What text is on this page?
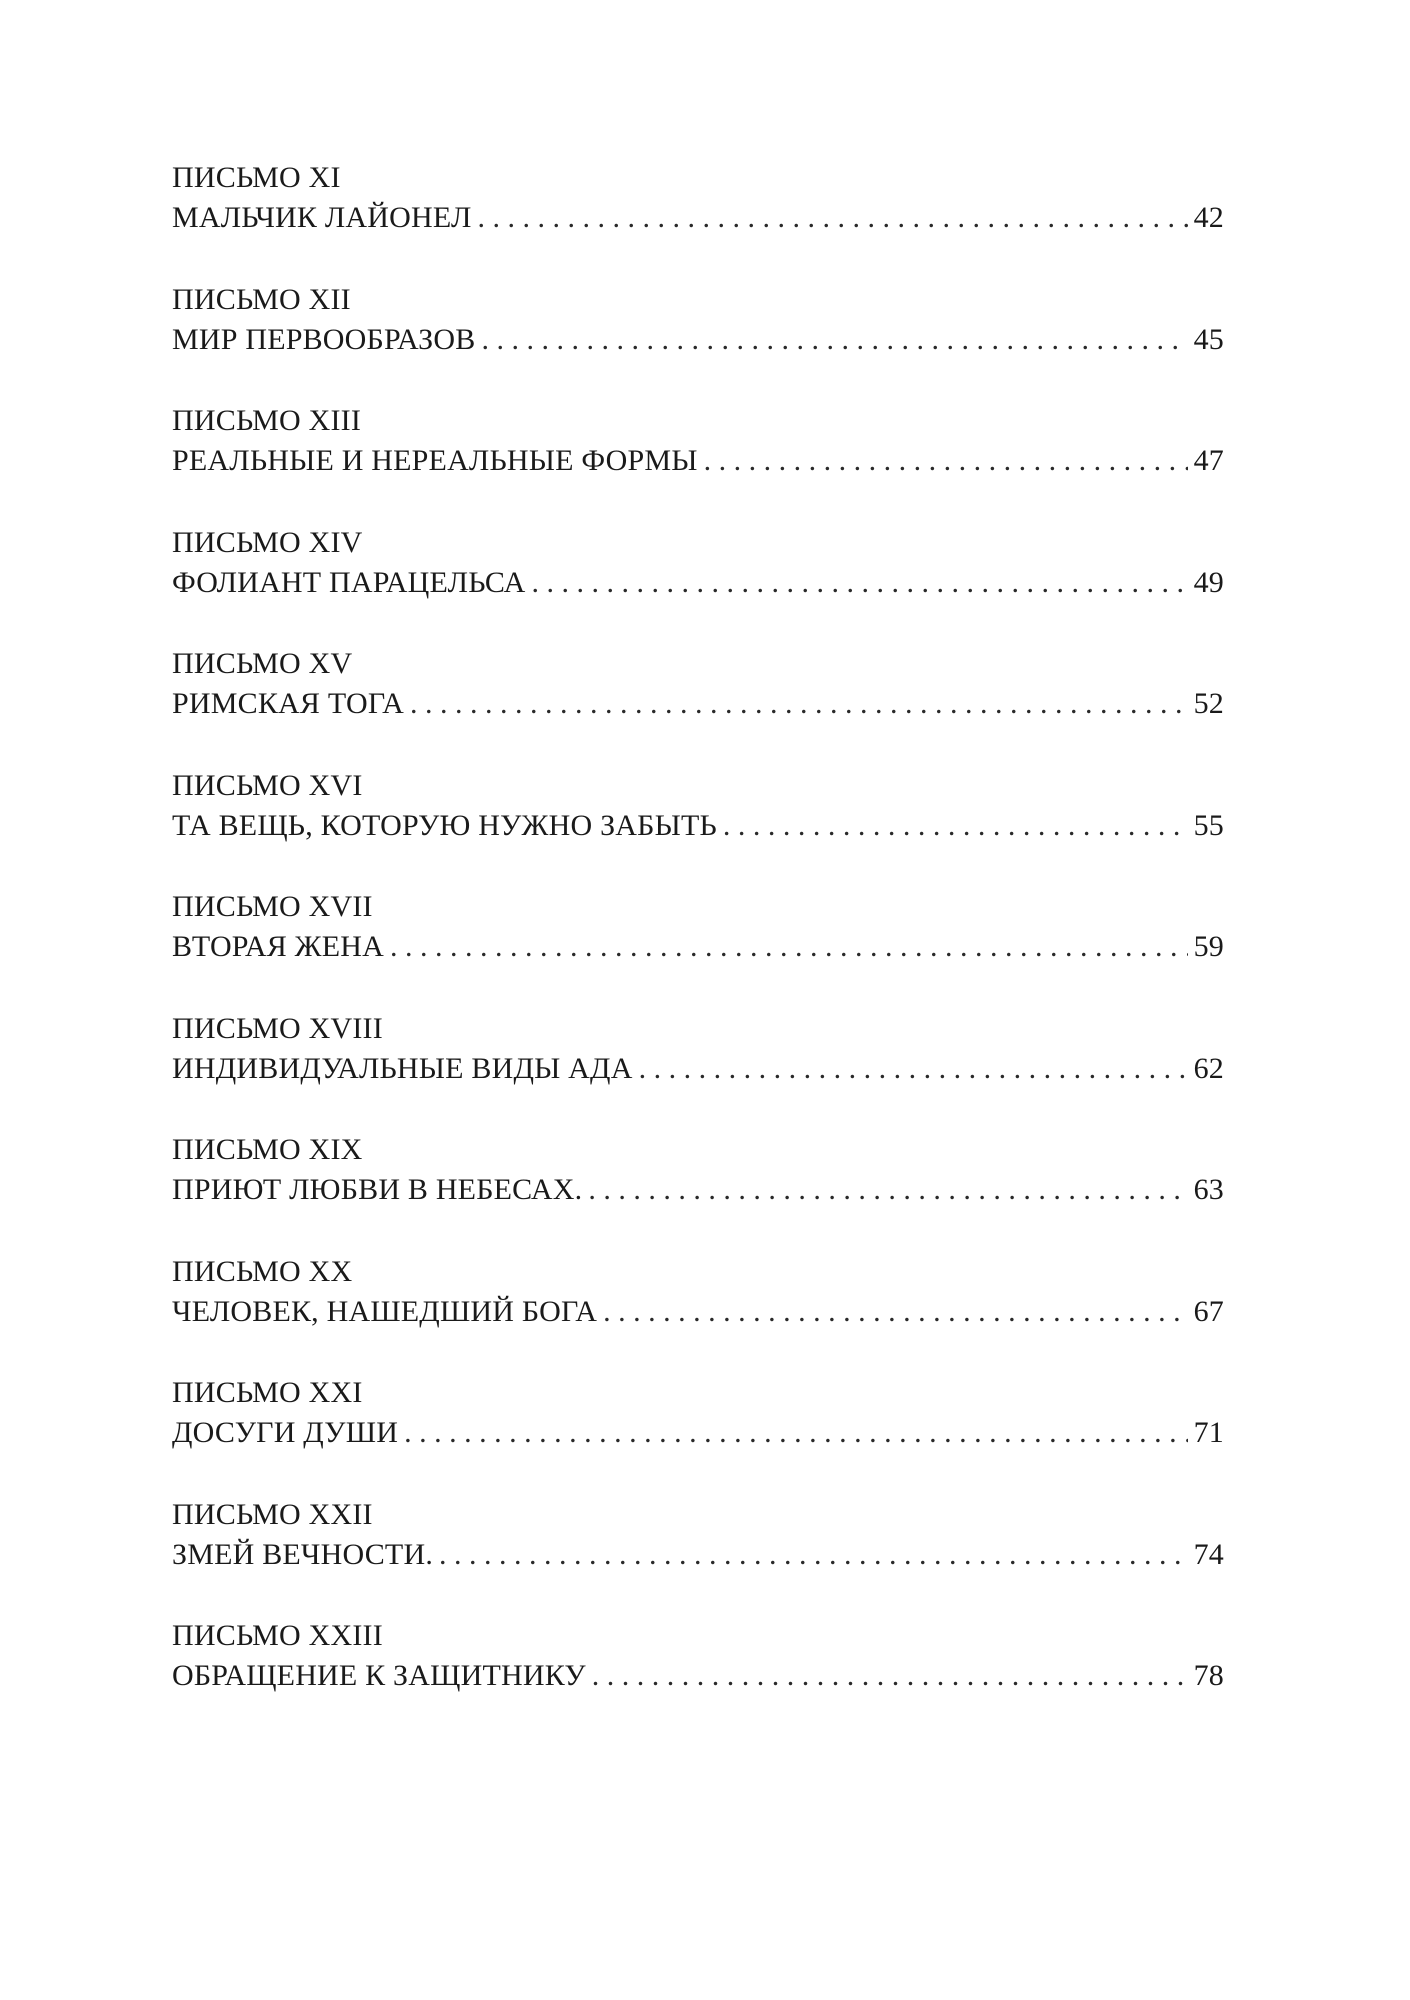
ПИСЬМО XI
МАЛЬЧИК ЛАЙОНЕЛ . . .	42
ПИСЬМО XII
МИР ПЕРВООБРАЗОВ . . .	45
ПИСЬМО XIII
РЕАЛЬНЫЕ И НЕРЕАЛЬНЫЕ ФОРМЫ . . .	47
ПИСЬМО XIV
ФОЛИАНТ ПАРАЦЕЛЬСА . . .	49
ПИСЬМО XV
РИМСКАЯ ТОГА . . .	52
ПИСЬМО XVI
ТА ВЕЩЬ, КОТОРУЮ НУЖНО ЗАБЫТЬ . . .	55
ПИСЬМО XVII
ВТОРАЯ ЖЕНА . . .	59
ПИСЬМО XVIII
ИНДИВИДУАЛЬНЫЕ ВИДЫ АДА . . .	62
ПИСЬМО XIX
ПРИЮТ ЛЮБВИ В НЕБЕСАХ. . . .	63
ПИСЬМО XX
ЧЕЛОВЕК, НАШЕДШИЙ БОГА . . .	67
ПИСЬМО XXI
ДОСУГИ ДУШИ . . .	71
ПИСЬМО XXII
ЗМЕЙ ВЕЧНОСТИ. . . .	74
ПИСЬМО XXIII
ОБРАЩЕНИЕ К ЗАЩИТНИКУ . . .	78
